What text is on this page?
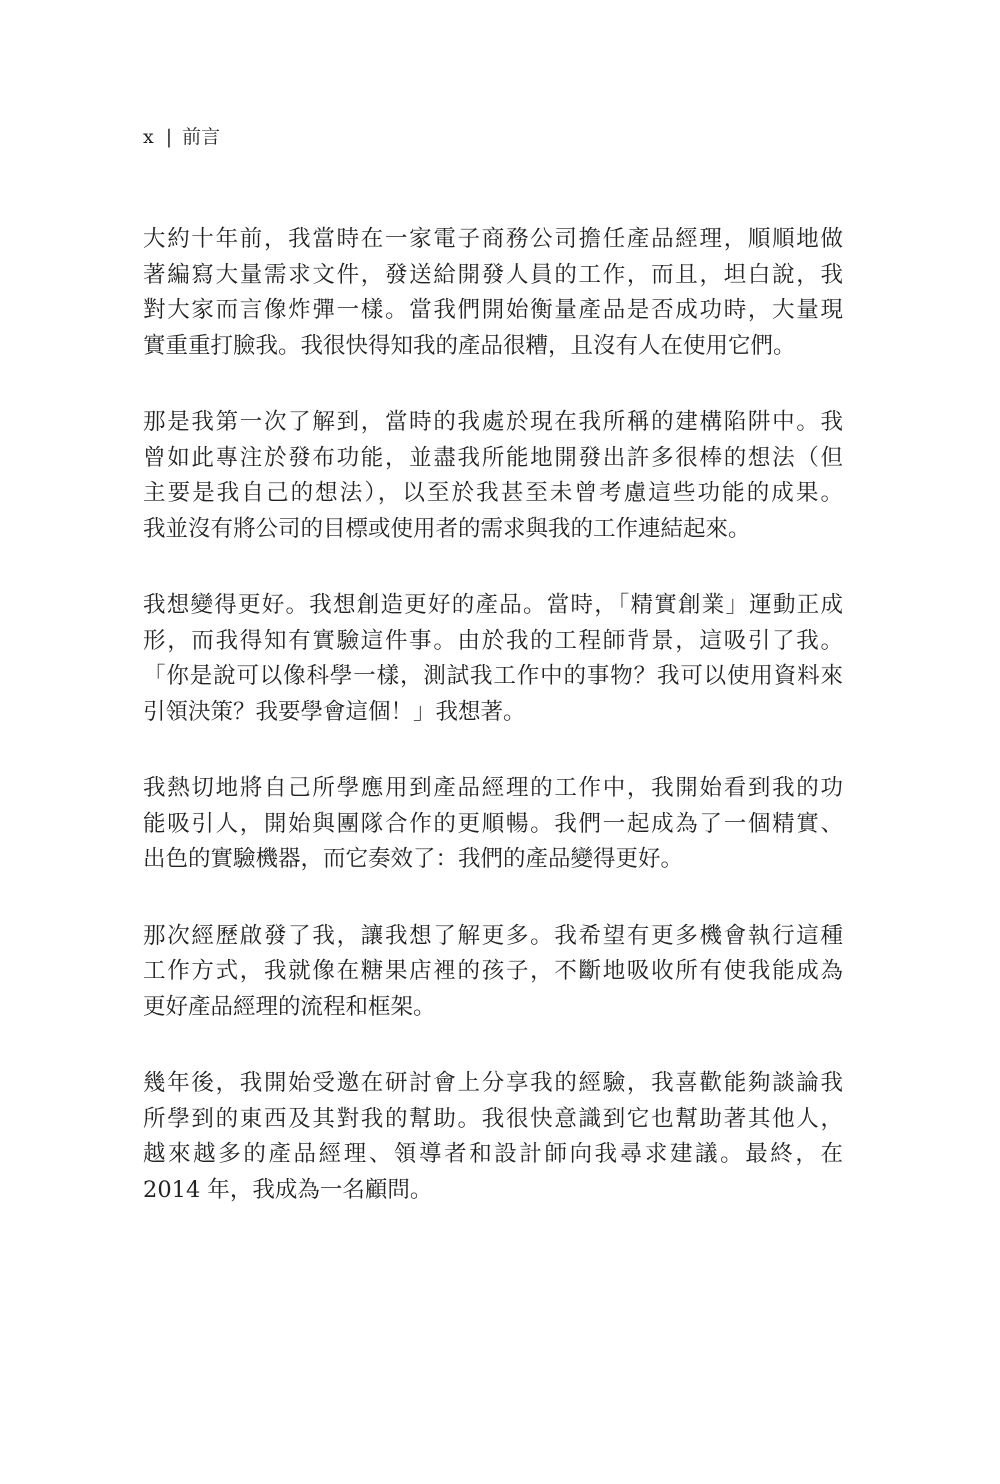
x | 前言

大約十年前，我當時在一家電子商務公司擔任產品經理，順順地做
著編寫大量需求文件，發送給開發人員的工作，而且，坦白說，我
對大家而言像炸彈一樣。當我們開始衡量產品是否成功時，大量現
實重重打臉我。我很快得知我的產品很糟，且沒有人在使用它們。

那是我第一次了解到，當時的我處於現在我所稱的建構陷阱中。我
曾如此專注於發布功能，並盡我所能地開發出許多很棒的想法（但
主要是我自己的想法），以至於我甚至未曾考慮這些功能的成果。
我並沒有將公司的目標或使用者的需求與我的工作連結起來。

我想變得更好。我想創造更好的產品。當時，「精實創業」運動正成
形，而我得知有實驗這件事。由於我的工程師背景，這吸引了我。
「你是說可以像科學一樣，測試我工作中的事物？我可以使用資料來
引領決策？我要學會這個！」我想著。

我熱切地將自己所學應用到產品經理的工作中，我開始看到我的功
能吸引人，開始與團隊合作的更順暢。我們一起成為了一個精實、
出色的實驗機器，而它奏效了：我們的產品變得更好。

那次經歷啟發了我，讓我想了解更多。我希望有更多機會執行這種
工作方式，我就像在糖果店裡的孩子，不斷地吸收所有使我能成為
更好產品經理的流程和框架。

幾年後，我開始受邀在研討會上分享我的經驗，我喜歡能夠談論我
所學到的東西及其對我的幫助。我很快意識到它也幫助著其他人，
越來越多的產品經理、領導者和設計師向我尋求建議。最終，在
2014 年，我成為一名顧問。
